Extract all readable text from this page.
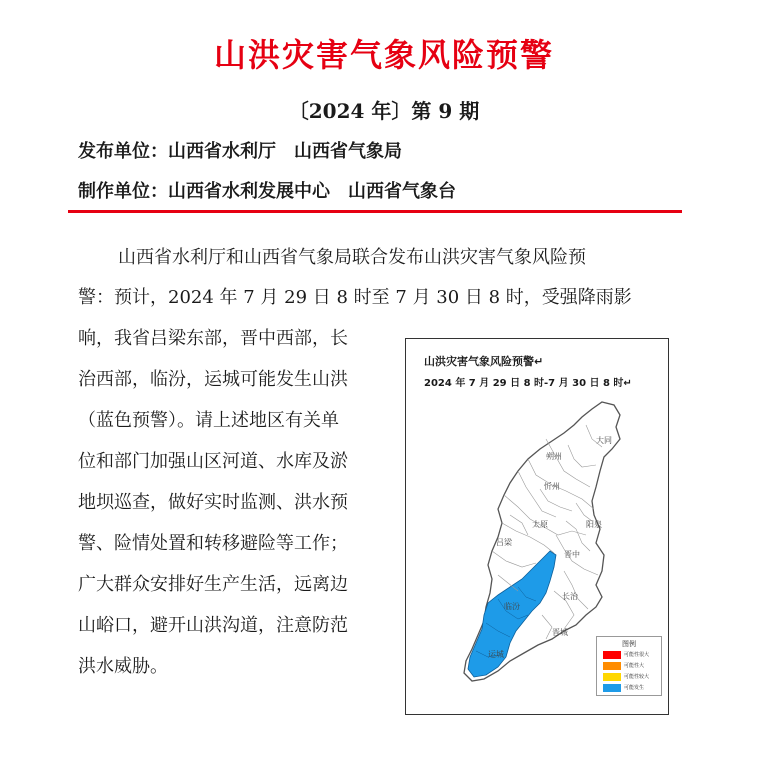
山洪灾害气象风险预警
〔2024 年〕第 9 期
发布单位：山西省水利厅 山西省气象局
制作单位：山西省水利发展中心 山西省气象台
山西省水利厅和山西省气象局联合发布山洪灾害气象风险预
警：预计，2024 年 7 月 29 日 8 时至 7 月 30 日 8 时，受强降雨影
响，我省吕梁东部，晋中西部，长
治西部，临汾，运城可能发生山洪
（蓝色预警）。请上述地区有关单
位和部门加强山区河道、水库及淤
地坝巡查，做好实时监测、洪水预
警、险情处置和转移避险等工作；
广大群众安排好生产生活，远离边
山峪口，避开山洪沟道，注意防范
洪水威胁。
山洪灾害气象风险预警↵
2024 年 7 月 29 日 8 时-7 月 30 日 8 时↵
大同
朔州
忻州
太原	阳泉
吕梁
晋中
临汾
长治
晋城
运城
图例
可能性很大
可能性大
可能性较大
可能发生
